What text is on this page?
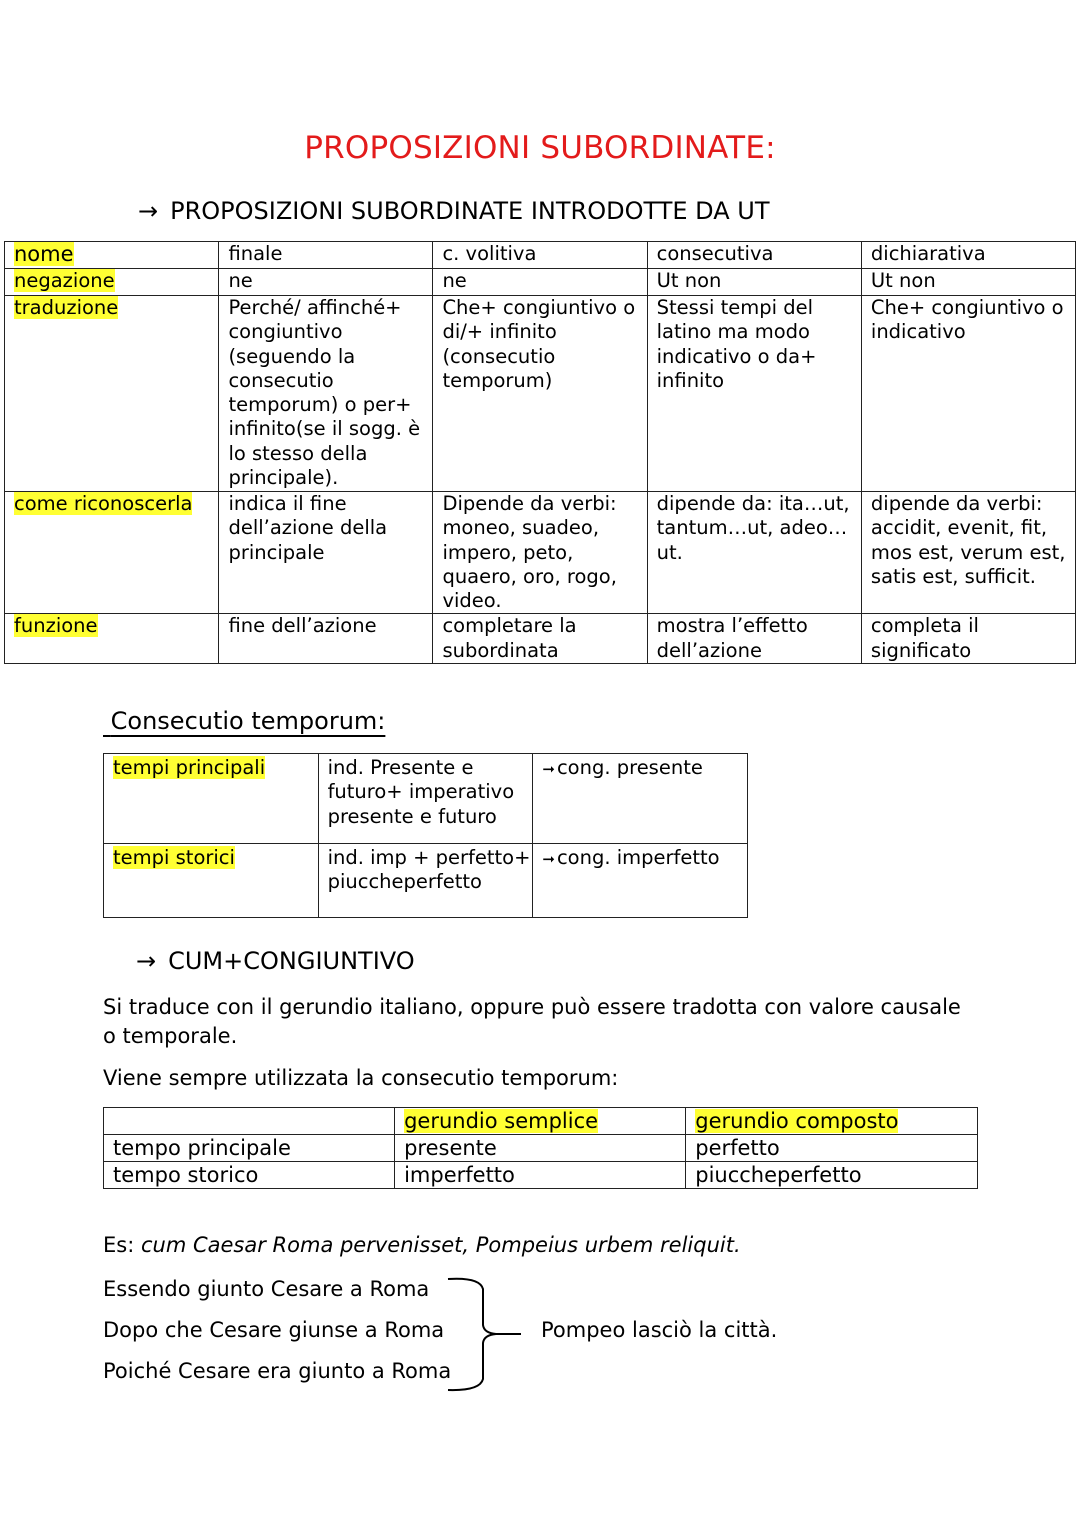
PROPOSIZIONI SUBORDINATE:
→ PROPOSIZIONI SUBORDINATE INTRODOTTE DA UT
nome	finale	c. volitiva	consecutiva	dichiarativa
negazione	ne	ne	Ut non	Ut non
traduzione	Perché/ affinché+ congiuntivo (seguendo la consecutio temporum) o per+ infinito(se il sogg. è lo stesso della principale).	Che+ congiuntivo o di/+ infinito (consecutio temporum)	Stessi tempi del latino ma modo indicativo o da+ infinito	Che+ congiuntivo o indicativo
come riconoscerla	indica il fine dell’azione della principale	Dipende da verbi: moneo, suadeo, impero, peto, quaero, oro, rogo, video.	dipende da: ita…ut, tantum…ut, adeo…ut.	dipende da verbi: accidit, evenit, fit, mos est, verum est, satis est, sufficit.
funzione	fine dell’azione	completare la subordinata	mostra l’effetto dell’azione	completa il significato
Consecutio temporum:
tempi principali	ind. Presente e futuro+ imperativo presente e futuro	➞ cong. presente
tempi storici	ind. imp + perfetto+ piuccheperfetto	➞ cong. imperfetto
→ CUM+CONGIUNTIVO
Si traduce con il gerundio italiano, oppure può essere tradotta con valore causale o temporale.
Viene sempre utilizzata la consecutio temporum:
	gerundio semplice	gerundio composto
tempo principale	presente	perfetto
tempo storico	imperfetto	piuccheperfetto
Es: cum Caesar Roma pervenisset, Pompeius urbem reliquit.
Essendo giunto Cesare a Roma
Dopo che Cesare giunse a Roma
Poiché Cesare era giunto a Roma
Pompeo lasciò la città.
